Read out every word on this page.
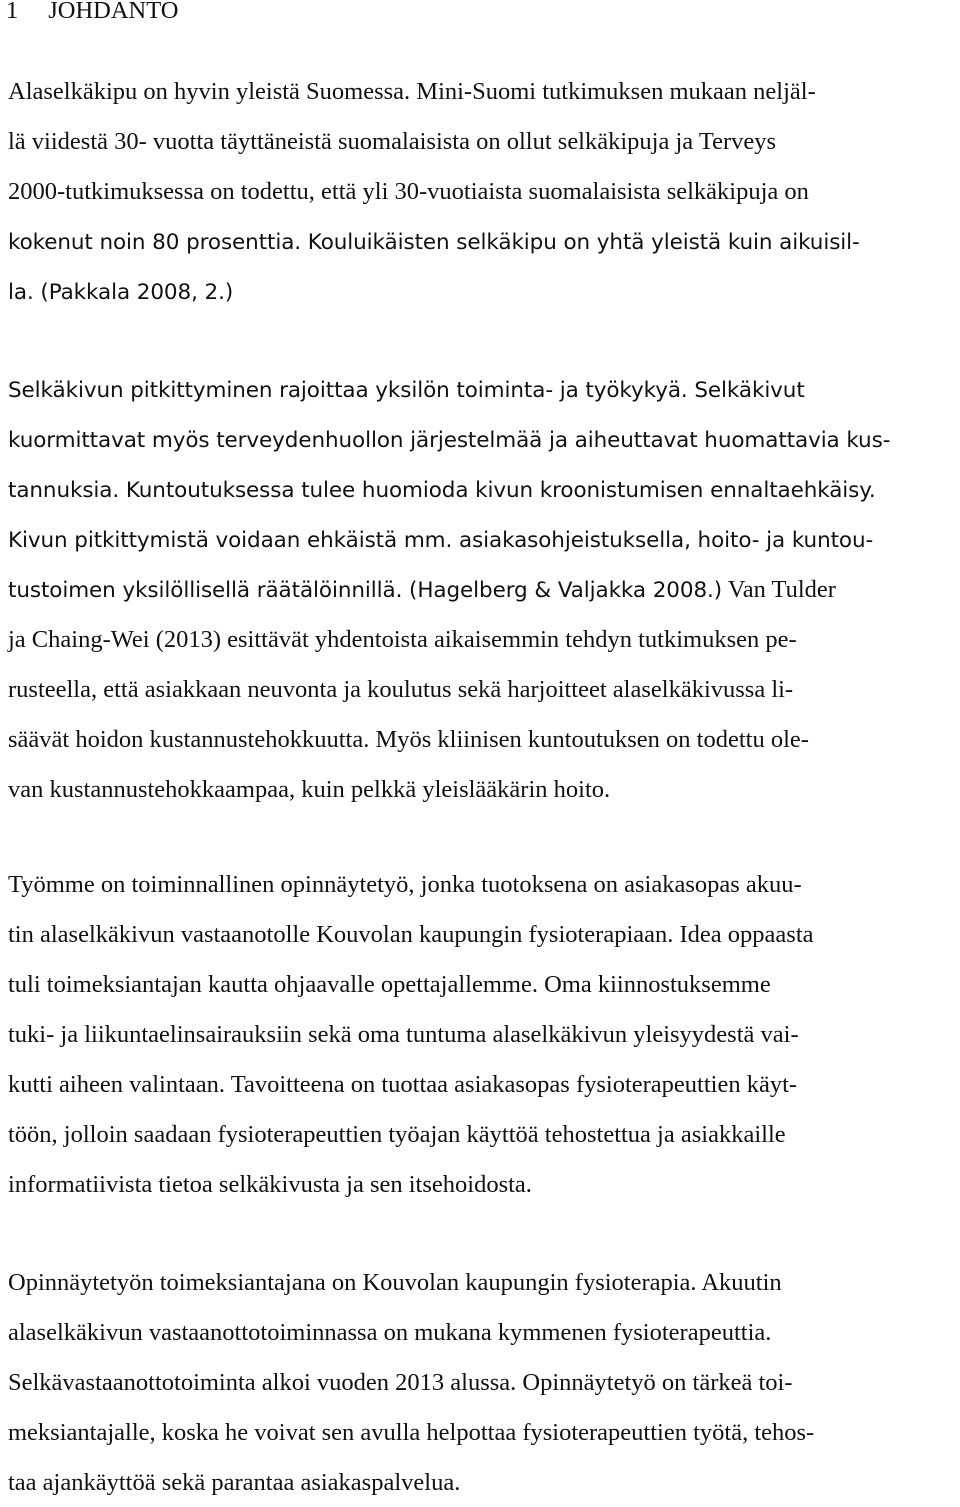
1 JOHDANTO
Alaselkäkipu on hyvin yleistä Suomessa. Mini-Suomi tutkimuksen mukaan neljäl-
lä viidestä 30- vuotta täyttäneistä suomalaisista on ollut selkäkipuja ja Terveys
2000-tutkimuksessa on todettu, että yli 30-vuotiaista suomalaisista selkäkipuja on
kokenut noin 80 prosenttia. Kouluikäisten selkäkipu on yhtä yleistä kuin aikuisil-
la. (Pakkala 2008, 2.)
Selkäkivun pitkittyminen rajoittaa yksilön toiminta- ja työkykyä. Selkäkivut
kuormittavat myös terveydenhuollon järjestelmää ja aiheuttavat huomattavia kus-
tannuksia. Kuntoutuksessa tulee huomioda kivun kroonistumisen ennaltaehkäisy.
Kivun pitkittymistä voidaan ehkäistä mm. asiakasohjeistuksella, hoito- ja kuntou-
tustoimen yksilöllisellä räätälöinnillä. (Hagelberg & Valjakka 2008.) Van Tulder
ja Chaing-Wei (2013) esittävät yhdentoista aikaisemmin tehdyn tutkimuksen pe-
rusteella, että asiakkaan neuvonta ja koulutus sekä harjoitteet alaselkäkivussa li-
säävät hoidon kustannustehokkuutta. Myös kliinisen kuntoutuksen on todettu ole-
van kustannustehokkaampaa, kuin pelkkä yleislääkärin hoito.
Työmme on toiminnallinen opinnäytetyö, jonka tuotoksena on asiakasopas akuu-
tin alaselkäkivun vastaanotolle Kouvolan kaupungin fysioterapiaan. Idea oppaasta
tuli toimeksiantajan kautta ohjaavalle opettajallemme. Oma kiinnostuksemme
tuki- ja liikuntaelinsairauksiin sekä oma tuntuma alaselkäkivun yleisyydestä vai-
kutti aiheen valintaan. Tavoitteena on tuottaa asiakasopas fysioterapeuttien käyt-
töön, jolloin saadaan fysioterapeuttien työajan käyttöä tehostettua ja asiakkaille
informatiivista tietoa selkäkivusta ja sen itsehoidosta.
Opinnäytetyön toimeksiantajana on Kouvolan kaupungin fysioterapia. Akuutin
alaselkäkivun vastaanottotoiminnassa on mukana kymmenen fysioterapeuttia.
Selkävastaanottotoiminta alkoi vuoden 2013 alussa. Opinnäytetyö on tärkeä toi-
meksiantajalle, koska he voivat sen avulla helpottaa fysioterapeuttien työtä, tehos-
taa ajankäyttöä sekä parantaa asiakaspalvelua.
